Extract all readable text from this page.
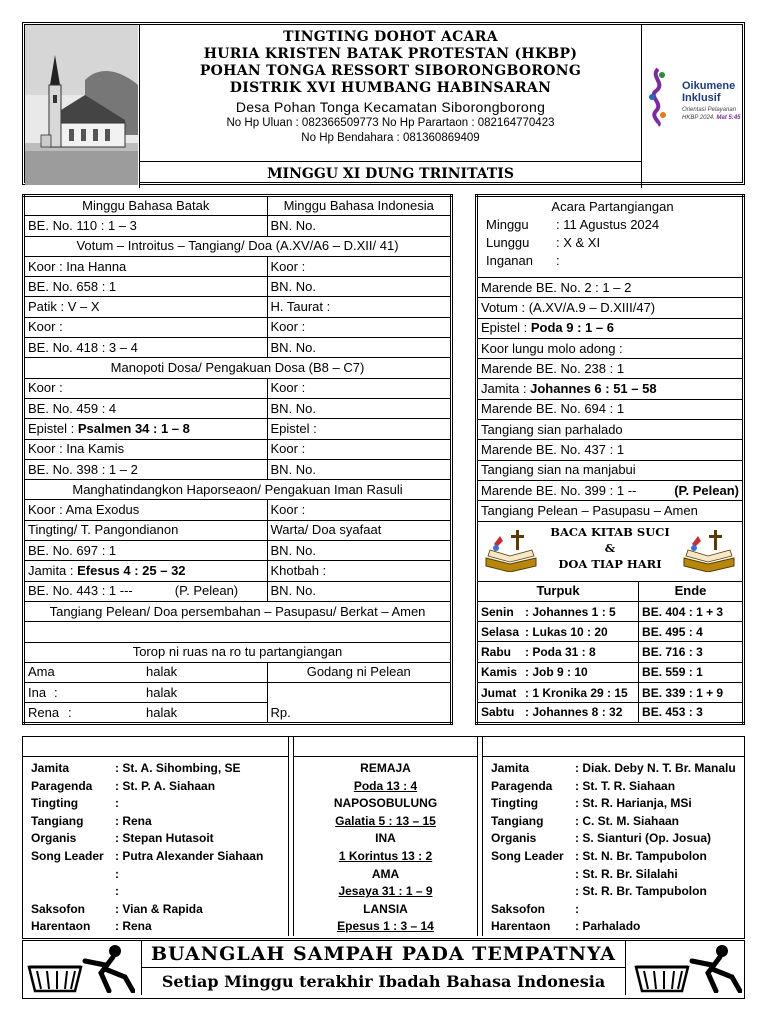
TINGTING DOHOT ACARA
HURIA KRISTEN BATAK PROTESTAN (HKBP)
POHAN TONGA RESSORT SIBORONGBORONG
DISTRIK XVI HUMBANG HABINSARAN
Desa Pohan Tonga Kecamatan Siborongborong
No Hp Uluan : 082366509773 No Hp Parartaon : 082164770423
No Hp Bendahara : 081360869409
MINGGU XI DUNG TRINITATIS
Oikumene
Inklusif
Orientasi Pelayanan
HKBP 2024. Mat 5:45
Minggu Bahasa Batak	Minggu Bahasa Indonesia
BE. No. 110 : 1 – 3	BN. No.
Votum – Introitus – Tangiang/ Doa (A.XV/A6 – D.XII/ 41)	
Koor : Ina Hanna	Koor :
BE. No. 658 : 1	BN. No.
Patik : V – X	H. Taurat :
Koor :	Koor :
BE. No. 418 : 3 – 4	BN. No.
Manopoti Dosa/ Pengakuan Dosa (B8 – C7)	
Koor :	Koor :
BE. No. 459 : 4	BN. No.
Epistel : Psalmen 34 : 1 – 8	Epistel :
Koor : Ina Kamis	Koor :
BE. No. 398 : 1 – 2	BN. No.
Manghatindangkon Haporseaon/ Pengakuan Iman Rasuli	
Koor : Ama Exodus	Koor :
Tingting/ T. Pangondianon	Warta/ Doa syafaat
BE. No. 697 : 1	BN. No.
Jamita : Efesus 4 : 25 – 32	Khotbah :
BE. No. 443 : 1 --- (P. Pelean)	BN. No.
Tangiang Pelean/ Doa persembahan – Pasupasu/ Berkat – Amen	

Torop ni ruas na ro tu partangiangan	
Ama halak	Godang ni Pelean
Ina : halak	Rp.
Rena : halak	
Acara Partangiangan
Minggu : 11 Agustus 2024
Lunggu : X & XI
Inganan :	

Marende BE. No. 2 : 1 – 2	
Votum : (A.XV/A.9 – D.XIII/47)	
Epistel : Poda 9 : 1 – 6	
Koor lungu molo adong :	
Marende BE. No. 238 : 1	
Jamita : Johannes 6 : 51 – 58	
Marende BE. No. 694 : 1	
Tangiang sian parhalado	
Marende BE. No. 437 : 1	
Tangiang sian na manjabui	
Marende BE. No. 399 : 1 -- (P. Pelean)	

Tangiang Pelean – Pasupasu – Amen	

BACA KITAB SUCI
&
DOA TIAP HARI	

Turpuk	Ende
Senin : Johannes 1 : 5	BE. 404 : 1 + 3
Selasa : Lukas 10 : 20	BE. 495 : 4
Rabu : Poda 31 : 8	BE. 716 : 3
Kamis : Job 9 : 10	BE. 559 : 1
Jumat : 1 Kronika 29 : 15	BE. 339 : 1 + 9
Sabtu : Johannes 8 : 32	BE. 453 : 3
Jamita	: St. A. Sihombing, SE
Paragenda : St. P. A. Siahaan
Tingting	:
Tangiang	: Rena
Organis	: Stepan Hutasoit
Song Leader : Putra Alexander Siahaan
:
:
Saksofon : Vian & Rapida
Harentaon : Rena
REMAJA
Poda 13 : 4
NAPOSOBULUNG
Galatia 5 : 13 – 15
INA
1 Korintus 13 : 2
AMA
Jesaya 31 : 1 – 9
LANSIA
Epesus 1 : 3 – 14
Jamita	: Diak. Deby N. T. Br. Manalu
Paragenda : St. T. R. Siahaan
Tingting	: St. R. Harianja, MSi
Tangiang	: C. St. M. Siahaan
Organis	: S. Sianturi (Op. Josua)
Song Leader : St. N. Br. Tampubolon
: St. R. Br. Silalahi
: St. R. Br. Tampubolon
Saksofon :
Harentaon : Parhalado
BUANGLAH SAMPAH PADA TEMPATNYA
Setiap Minggu terakhir Ibadah Bahasa Indonesia
